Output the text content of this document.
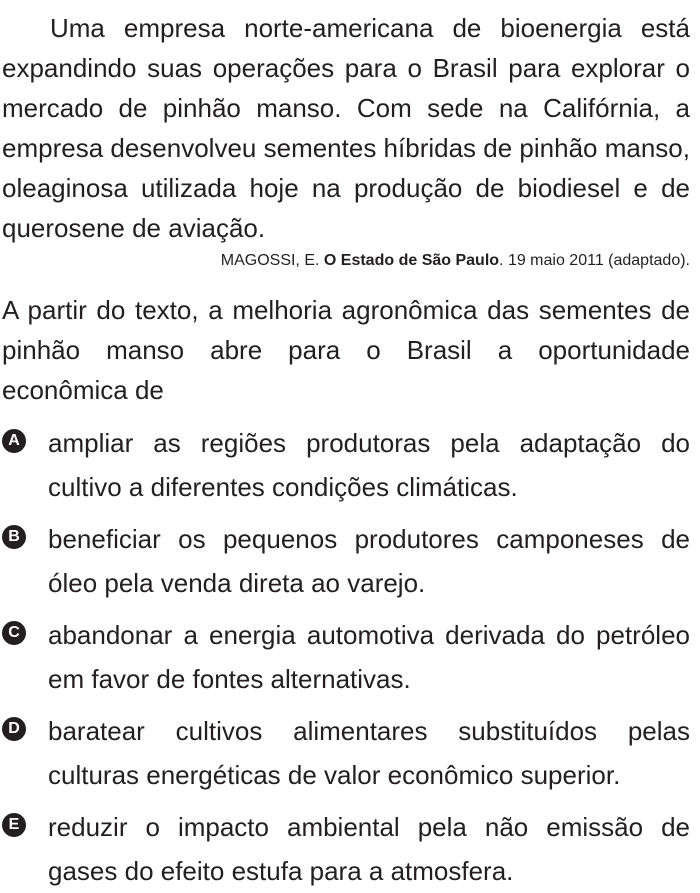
Uma empresa norte-americana de bioenergia está expandindo suas operações para o Brasil para explorar o mercado de pinhão manso. Com sede na Califórnia, a empresa desenvolveu sementes híbridas de pinhão manso, oleaginosa utilizada hoje na produção de biodiesel e de querosene de aviação.

MAGOSSI, E. O Estado de São Paulo. 19 maio 2011 (adaptado).

A partir do texto, a melhoria agronômica das sementes de pinhão manso abre para o Brasil a oportunidade econômica de

A ampliar as regiões produtoras pela adaptação do cultivo a diferentes condições climáticas.
B beneficiar os pequenos produtores camponeses de óleo pela venda direta ao varejo.
C abandonar a energia automotiva derivada do petróleo em favor de fontes alternativas.
D baratear cultivos alimentares substituídos pelas culturas energéticas de valor econômico superior.
E reduzir o impacto ambiental pela não emissão de gases do efeito estufa para a atmosfera.
